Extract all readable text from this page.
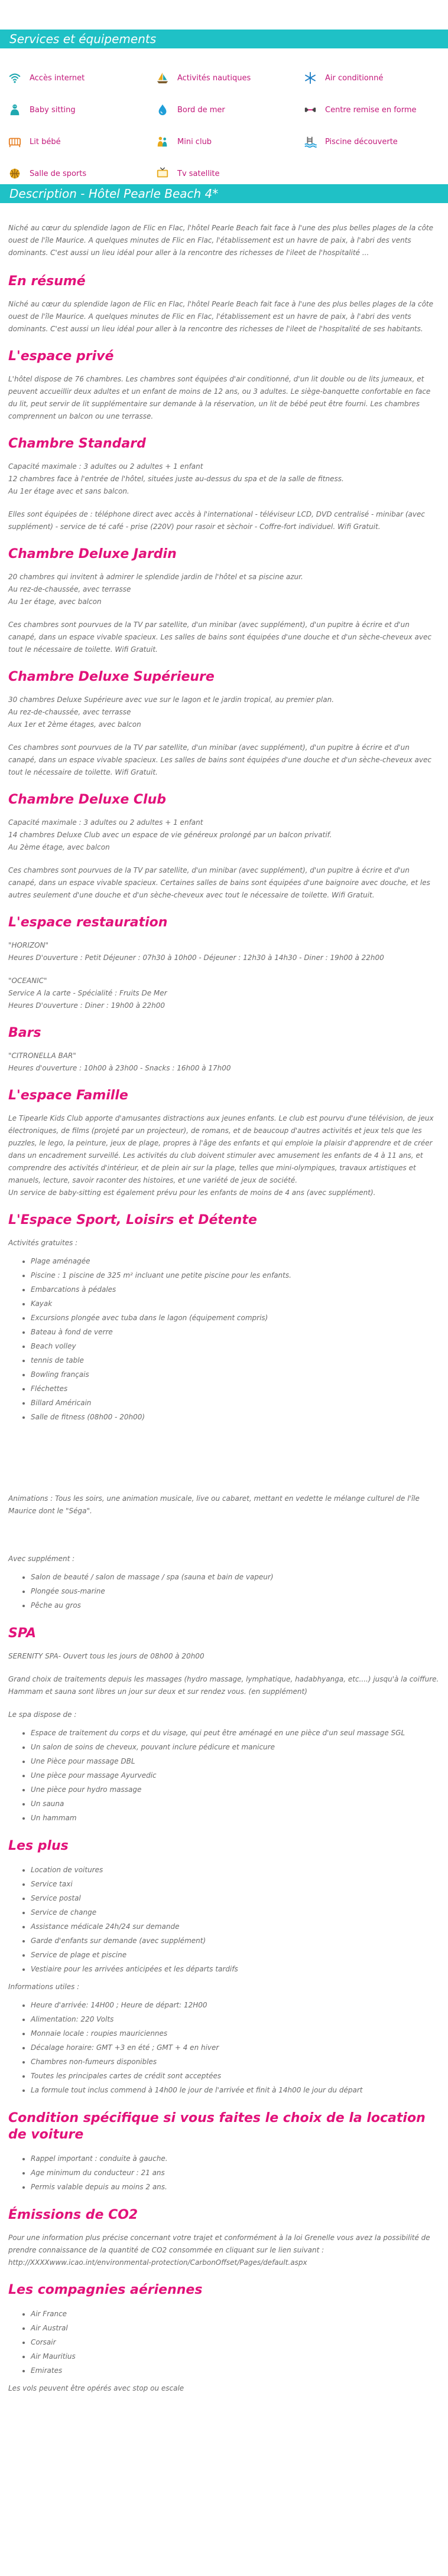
Services et équipements
Accès internet	Activités nautiques	Air conditionné
Baby sitting	Bord de mer	Centre remise en forme
Lit bébé	Mini club	Piscine découverte
Salle de sports	Tv satellite
Description - Hôtel Pearle Beach 4*

Niché au cœur du splendide lagon de Flic en Flac, l'hôtel Pearle Beach fait face à l'une des plus belles plages de la côte ouest de l'île Maurice. A quelques minutes de Flic en Flac, l'établissement est un havre de paix, à l'abri des vents dominants. C'est aussi un lieu idéal pour aller à la rencontre des richesses de l'ileet de l'hospitalité ...

En résumé

Niché au cœur du splendide lagon de Flic en Flac, l'hôtel Pearle Beach fait face à l'une des plus belles plages de la côte ouest de l'île Maurice. A quelques minutes de Flic en Flac, l'établissement est un havre de paix, à l'abri des vents dominants. C'est aussi un lieu idéal pour aller à la rencontre des richesses de l'ileet de l'hospitalité de ses habitants.

L'espace privé

L'hôtel dispose de 76 chambres. Les chambres sont équipées d'air conditionné, d'un lit double ou de lits jumeaux, et peuvent accueillir deux adultes et un enfant de moins de 12 ans, ou 3 adultes. Le siège-banquette confortable en face du lit, peut servir de lit supplémentaire sur demande à la réservation, un lit de bébé peut être fourni. Les chambres comprennent un balcon ou une terrasse.

Chambre Standard

Capacité maximale : 3 adultes ou 2 adultes + 1 enfant

12 chambres face à l'entrée de l'hôtel, situées juste au-dessus du spa et de la salle de fitness.

Au 1er étage avec et sans balcon.

Elles sont équipées de : téléphone direct avec accès à l'international - téléviseur LCD, DVD centralisé - minibar (avec supplément) - service de té café - prise (220V) pour rasoir et sèchoir - Coffre-fort individuel. Wifi Gratuit.

Chambre Deluxe Jardin

20 chambres qui invitent à admirer le splendide jardin de l'hôtel et sa piscine azur.

Au rez-de-chaussée, avec terrasse

Au 1er étage, avec balcon

Ces chambres sont pourvues de la TV par satellite, d'un minibar (avec supplément), d'un pupitre à écrire et d'un canapé, dans un espace vivable spacieux. Les salles de bains sont équipées d'une douche et d'un sèche-cheveux avec tout le nécessaire de toilette. Wifi Gratuit.

Chambre Deluxe Supérieure

30 chambres Deluxe Supérieure avec vue sur le lagon et le jardin tropical, au premier plan.

Au rez-de-chaussée, avec terrasse

Aux 1er et 2ème étages, avec balcon

Ces chambres sont pourvues de la TV par satellite, d'un minibar (avec supplément), d'un pupitre à écrire et d'un canapé, dans un espace vivable spacieux. Les salles de bains sont équipées d'une douche et d'un sèche-cheveux avec tout le nécessaire de toilette. Wifi Gratuit.

Chambre Deluxe Club

Capacité maximale : 3 adultes ou 2 adultes + 1 enfant

14 chambres Deluxe Club avec un espace de vie généreux prolongé par un balcon privatif.

Au 2ème étage, avec balcon

Ces chambres sont pourvues de la TV par satellite, d'un minibar (avec supplément), d'un pupitre à écrire et d'un canapé, dans un espace vivable spacieux. Certaines salles de bains sont équipées d'une baignoire avec douche, et les autres seulement d'une douche et d'un sèche-cheveux avec tout le nécessaire de toilette. Wifi Gratuit.

L'espace restauration

"HORIZON"

Heures D'ouverture : Petit Déjeuner : 07h30 à 10h00 - Déjeuner : 12h30 à 14h30 - Diner : 19h00 à 22h00

"OCEANIC"

Service A la carte - Spécialité : Fruits De Mer

Heures D'ouverture : Diner : 19h00 à 22h00

Bars

"CITRONELLA BAR"

Heures d'ouverture : 10h00 à 23h00 - Snacks : 16h00 à 17h00

L'espace Famille

Le Tipearle Kids Club apporte d'amusantes distractions aux jeunes enfants. Le club est pourvu d'une télévision, de jeux électroniques, de films (projeté par un projecteur), de romans, et de beaucoup d'autres activités et jeux tels que les puzzles, le lego, la peinture, jeux de plage, propres à l'âge des enfants et qui emploie la plaisir d'apprendre et de créer dans un encadrement surveillé. Les activités du club doivent stimuler avec amusement les enfants de 4 à 11 ans, et comprendre des activités d'intérieur, et de plein air sur la plage, telles que mini-olympiques, travaux artistiques et manuels, lecture, savoir raconter des histoires, et une variété de jeux de société.

Un service de baby-sitting est également prévu pour les enfants de moins de 4 ans (avec supplément).

L'Espace Sport, Loisirs et Détente

Activités gratuites :

• Plage aménagée
• Piscine : 1 piscine de 325 m² incluant une petite piscine pour les enfants.
• Embarcations à pédales
• Kayak
• Excursions plongée avec tuba dans le lagon (équipement compris)
• Bateau à fond de verre
• Beach volley
• tennis de table
• Bowling français
• Fléchettes
• Billard Américain
• Salle de fitness (08h00 - 20h00)

Animations : Tous les soirs, une animation musicale, live ou cabaret, mettant en vedette le mélange culturel de l'île Maurice dont le "Séga".

Avec supplément :

• Salon de beauté / salon de massage / spa (sauna et bain de vapeur)
• Plongée sous-marine
• Pêche au gros
SPA

SERENITY SPA- Ouvert tous les jours de 08h00 à 20h00

Grand choix de traitements depuis les massages (hydro massage, lymphatique, hadabhyanga, etc....) jusqu'à la coiffure. Hammam et sauna sont libres un jour sur deux et sur rendez vous. (en supplément)

Le spa dispose de :

• Espace de traitement du corps et du visage, qui peut être aménagé en une pièce d'un seul massage SGL
• Un salon de soins de cheveux, pouvant inclure pédicure et manicure
• Une Pièce pour massage DBL
• Une pièce pour massage Ayurvedic
• Une pièce pour hydro massage
• Un sauna
• Un hammam
Les plus
• Location de voitures
• Service taxi
• Service postal
• Service de change
• Assistance médicale 24h/24 sur demande
• Garde d'enfants sur demande (avec supplément)
• Service de plage et piscine
• Vestiaire pour les arrivées anticipées et les départs tardifs

Informations utiles :

• Heure d'arrivée: 14H00 ; Heure de départ: 12H00
• Alimentation: 220 Volts
• Monnaie locale : roupies mauriciennes
• Décalage horaire: GMT +3 en été ; GMT + 4 en hiver
• Chambres non-fumeurs disponibles
• Toutes les principales cartes de crédit sont acceptées
• La formule tout inclus commend à 14h00 le jour de l'arrivée et finit à 14h00 le jour du départ
Condition spécifique si vous faites le choix de la location de voiture
• Rappel important : conduite à gauche.
• Age minimum du conducteur : 21 ans
• Permis valable depuis au moins 2 ans.
Émissions de CO2

Pour une information plus précise concernant votre trajet et conformément à la loi Grenelle vous avez la possibilité de prendre connaissance de la quantité de CO2 consommée en cliquant sur le lien suivant :

http://XXXXwww.icao.int/environmental-protection/CarbonOffset/Pages/default.aspx

Les compagnies aériennes
• Air France
• Air Austral
• Corsair
• Air Mauritius
• Emirates

Les vols peuvent être opérés avec stop ou escale
